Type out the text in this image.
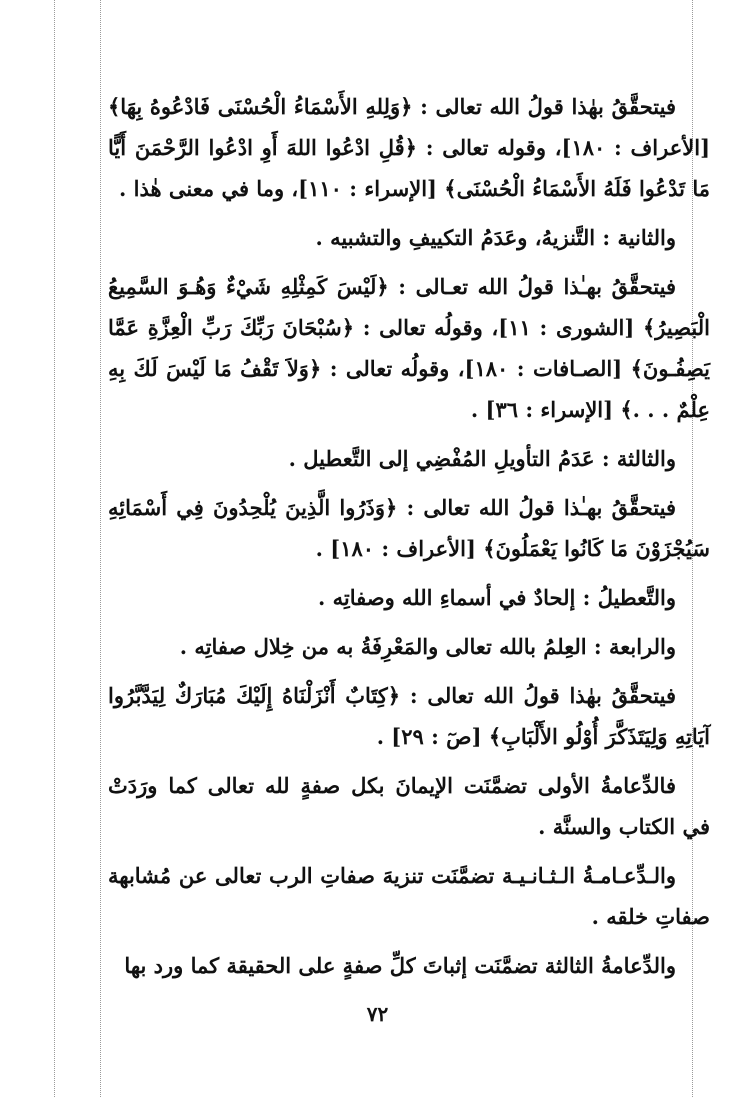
فيتحقَّقُ بهٰذا قولُ الله تعالى : ﴿وَلِلهِ الأَسْمَاءُ الْحُسْنَى فَادْعُوهُ بِهَا﴾ [الأعراف : ١٨٠]، وقوله تعالى : ﴿قُلِ ادْعُوا اللهَ أَوِ ادْعُوا الرَّحْمَنَ أَيًّا مَا تَدْعُوا فَلَهُ الأَسْمَاءُ الْحُسْنَى﴾ [الإسراء : ١١٠]، وما في معنى هٰذا .

والثانية : التَّنزيهُ، وعَدَمُ التكييفِ والتشبيه .

فيتحقَّقُ بهـٰذا قولُ الله تعـالى : ﴿لَيْسَ كَمِثْلِهِ شَيْءٌ وَهُـوَ السَّمِيعُ الْبَصِيرُ﴾ [الشورى : ١١]، وقولُه تعالى : ﴿سُبْحَانَ رَبِّكَ رَبِّ الْعِزَّةِ عَمَّا يَصِفُـونَ﴾ [الصـافات : ١٨٠]، وقولُه تعالى : ﴿وَلاَ تَقْفُ مَا لَيْسَ لَكَ بِهِ عِلْمٌ . . .﴾ [الإسراء : ٣٦] .

والثالثة : عَدَمُ التأويلِ المُفْضِي إلى التَّعطيل .

فيتحقَّقُ بهـٰذا قولُ الله تعالى : ﴿وَذَرُوا الَّذِينَ يُلْحِدُونَ فِي أَسْمَائِهِ سَيُجْزَوْنَ مَا كَانُوا يَعْمَلُونَ﴾ [الأعراف : ١٨٠] .

والتَّعطيلُ : إلحادٌ في أسماءِ الله وصفاتِه .

والرابعة : العِلمُ بالله تعالى والمَعْرِفَةُ به من خِلال صفاتِه .

فيتحقَّقُ بهٰذا قولُ الله تعالى : ﴿كِتَابٌ أَنْزَلْنَاهُ إِلَيْكَ مُبَارَكٌ لِيَدَّبَّرُوا آيَاتِهِ وَلِيَتَذَكَّرَ أُوْلُو الأَلْبَابِ﴾ [صٓ : ٢٩] .

فالدِّعامةُ الأولى تضمَّنَت الإيمانَ بكل صفةٍ لله تعالى كما ورَدَتْ في الكتاب والسنَّة .

والـدِّعـامـةُ الـثـانـيـة تضمَّنَت تنزيهَ صفاتِ الرب تعالى عن مُشابهة صفاتِ خلقه .

والدِّعامةُ الثالثة تضمَّنَت إثباتَ كلِّ صفةٍ على الحقيقة كما ورد بها

٧٢
